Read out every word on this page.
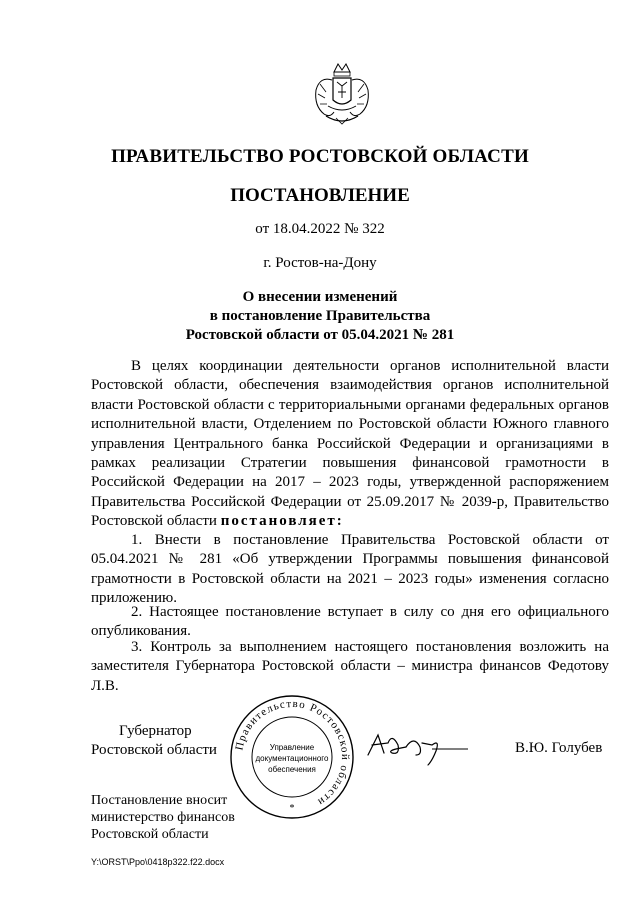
ПРАВИТЕЛЬСТВО РОСТОВСКОЙ ОБЛАСТИ
ПОСТАНОВЛЕНИЕ
от 18.04.2022 № 322
г. Ростов-на-Дону
О внесении изменений
в постановление Правительства
Ростовской области от 05.04.2021 № 281
В целях координации деятельности органов исполнительной власти Ростовской области, обеспечения взаимодействия органов исполнительной власти Ростовской области с территориальными органами федеральных органов исполнительной власти, Отделением по Ростовской области Южного главного управления Центрального банка Российской Федерации и организациями в рамках реализации Стратегии повышения финансовой грамотности в Российской Федерации на 2017 – 2023 годы, утвержденной распоряжением Правительства Российской Федерации от 25.09.2017 № 2039-р, Правительство Ростовской области постановляет:
1. Внести в постановление Правительства Ростовской области от 05.04.2021 № 281 «Об утверждении Программы повышения финансовой грамотности в Ростовской области на 2021 – 2023 годы» изменения согласно приложению.
2. Настоящее постановление вступает в силу со дня его официального опубликования.
3. Контроль за выполнением настоящего постановления возложить на заместителя Губернатора Ростовской области – министра финансов Федотову Л.В.
Губернатор
Ростовской области Правительство Ростовской области
Управление
документационного
обеспечения
*
В.Ю. Голубев
Постановление вносит
министерство финансов
Ростовской области
Y:\ORST\Ppo\0418p322.f22.docx
